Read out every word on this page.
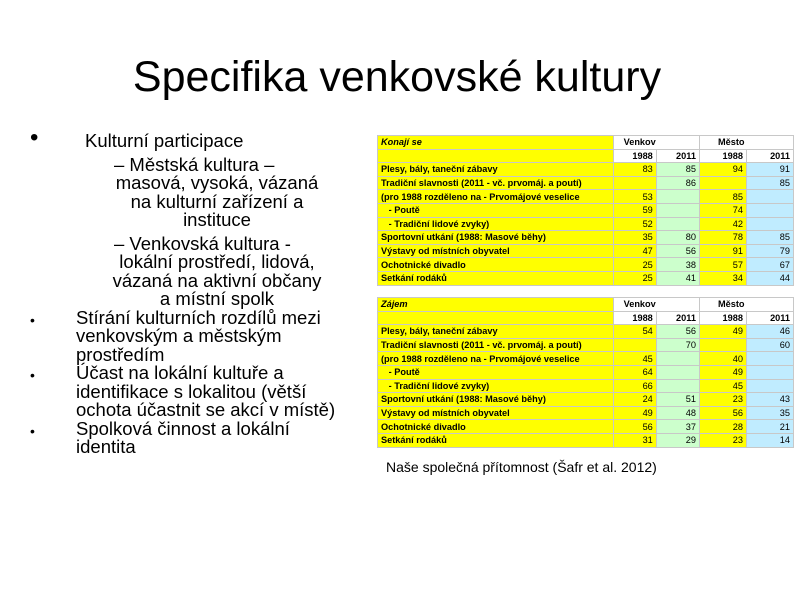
Specifika venkovské kultury
•	Kulturní participace
– Městská kultura –
masová, vysoká, vázaná na kulturní zařízení a instituce
– Venkovská kultura -
lokální prostředí, lidová, vázaná na aktivní občany a místní spolk
• Stírání kulturních rozdílů mezi venkovským a městským prostředím
• Účast na lokální kultuře a identifikace s lokalitou (větší ochota účastnit se akcí v místě)
• Spolková činnost a lokální identita
Konají se	Venkov		Město	
	1988	2011	1988	2011
Plesy, bály, taneční zábavy	83	85	94	91
Tradiční slavnosti (2011 - vč. prvomáj. a poutí)		86		85
(pro 1988 rozděleno na - Prvomájové veselice	53		85	
- Poutě	59		74	
- Tradiční lidové zvyky)	52		42	
Sportovní utkání (1988: Masové běhy)	35	80	78	85
Výstavy od místních obyvatel	47	56	91	79
Ochotnické divadlo	25	38	57	67
Setkání rodáků	25	41	34	44
Zájem	Venkov		Město	
	1988	2011	1988	2011
Plesy, bály, taneční zábavy	54	56	49	46
Tradiční slavnosti (2011 - vč. prvomáj. a poutí)		70		60
(pro 1988 rozděleno na - Prvomájové veselice	45		40	
- Poutě	64		49	
- Tradiční lidové zvyky)	66		45	
Sportovní utkání (1988: Masové běhy)	24	51	23	43
Výstavy od místních obyvatel	49	48	56	35
Ochotnické divadlo	56	37	28	21
Setkání rodáků	31	29	23	14
Naše společná přítomnost (Šafr et al. 2012)
